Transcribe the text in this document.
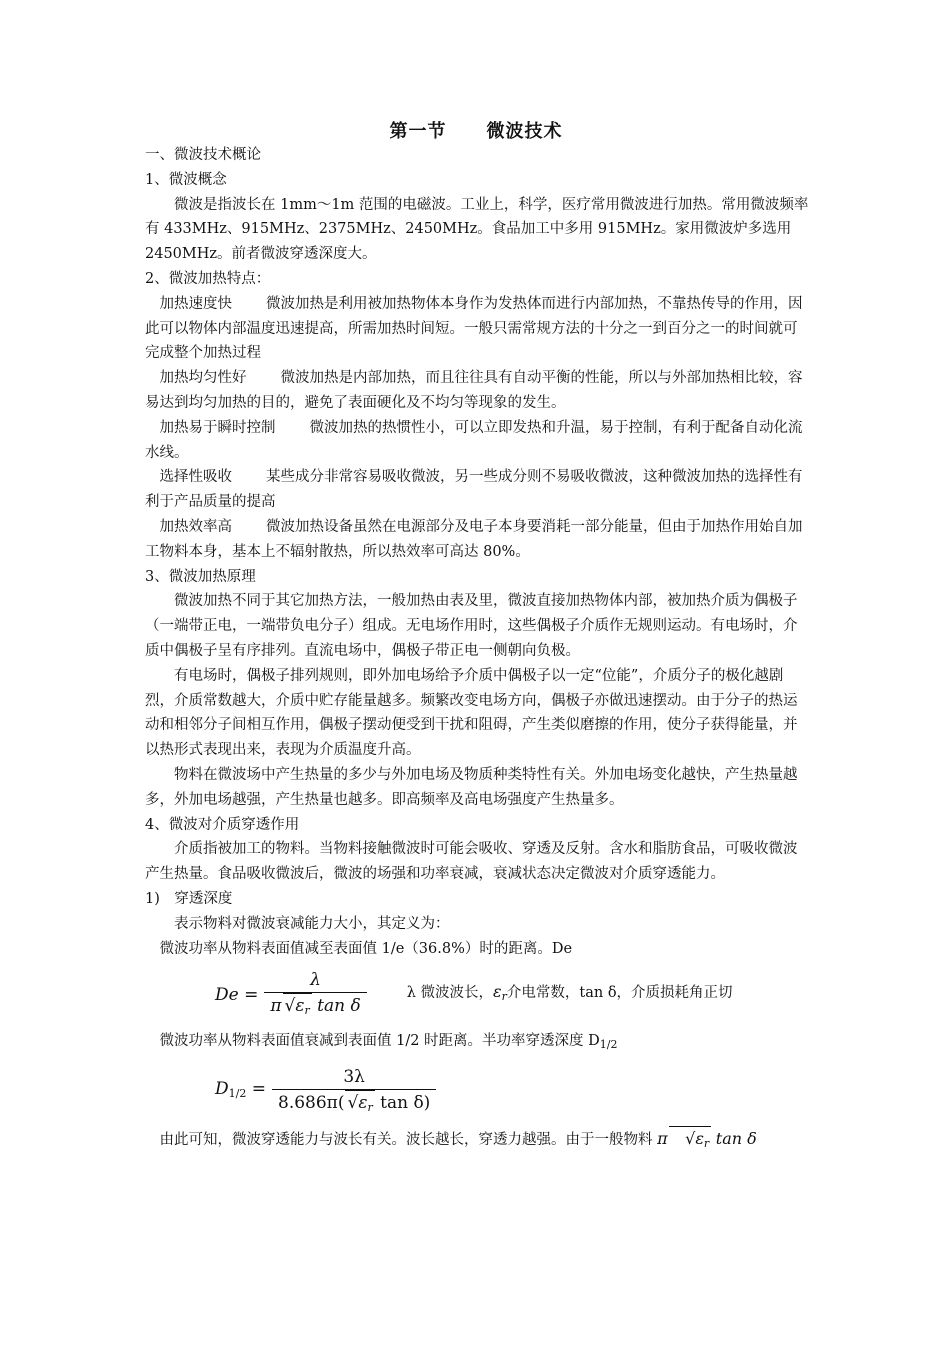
第一节 微波技术

一、微波技术概论

1、微波概念

微波是指波长在 1mm～1m 范围的电磁波。工业上，科学，医疗常用微波进行加热。常用微波频率有 433MHz、915MHz、2375MHz、2450MHz。食品加工中多用 915MHz。家用微波炉多选用 2450MHz。前者微波穿透深度大。

2、微波加热特点：

加热速度快 微波加热是利用被加热物体本身作为发热体而进行内部加热，不靠热传导的作用，因此可以物体内部温度迅速提高，所需加热时间短。一般只需常规方法的十分之一到百分之一的时间就可完成整个加热过程

加热均匀性好 微波加热是内部加热，而且往往具有自动平衡的性能，所以与外部加热相比较，容易达到均匀加热的目的，避免了表面硬化及不均匀等现象的发生。

加热易于瞬时控制 微波加热的热惯性小，可以立即发热和升温，易于控制，有利于配备自动化流水线。

选择性吸收 某些成分非常容易吸收微波，另一些成分则不易吸收微波，这种微波加热的选择性有利于产品质量的提高

加热效率高 微波加热设备虽然在电源部分及电子本身要消耗一部分能量，但由于加热作用始自加工物料本身，基本上不辐射散热，所以热效率可高达 80%。

3、微波加热原理

微波加热不同于其它加热方法，一般加热由表及里，微波直接加热物体内部，被加热介质为偶极子（一端带正电，一端带负电分子）组成。无电场作用时，这些偶极子介质作无规则运动。有电场时，介质中偶极子呈有序排列。直流电场中，偶极子带正电一侧朝向负极。

有电场时，偶极子排列规则，即外加电场给予介质中偶极子以一定“位能”，介质分子的极化越剧烈，介质常数越大，介质中贮存能量越多。频繁改变电场方向，偶极子亦做迅速摆动。由于分子的热运动和相邻分子间相互作用，偶极子摆动便受到干扰和阻碍，产生类似磨擦的作用，使分子获得能量，并以热形式表现出来，表现为介质温度升高。

物料在微波场中产生热量的多少与外加电场及物质种类特性有关。外加电场变化越快，产生热量越多，外加电场越强，产生热量也越多。即高频率及高电场强度产生热量多。

4、微波对介质穿透作用

介质指被加工的物料。当物料接触微波时可能会吸收、穿透及反射。含水和脂肪食品，可吸收微波产生热量。食品吸收微波后，微波的场强和功率衰减，衰减状态决定微波对介质穿透能力。

1)　穿透深度

表示物料对微波衰减能力大小，其定义为：

微波功率从物料表面值减至表面值 1/e（36.8%）时的距离。De

$De = \frac{\lambda}{\pi √\varepsilon_r \tan \delta}$	λ 微波波长，$\varepsilon_r$介电常数，tan δ，介质损耗角正切

微波功率从物料表面值衰减到表面值 1/2 时距离。半功率穿透深度 $D_{1/2}$

$D_{1/2} = \frac{3\lambda}{8.686\pi( √\varepsilon_r \tan \delta)}$

由此可知，微波穿透能力与波长有关。波长越长，穿透力越强。由于一般物料 π $√\varepsilon_r$ tan δ
